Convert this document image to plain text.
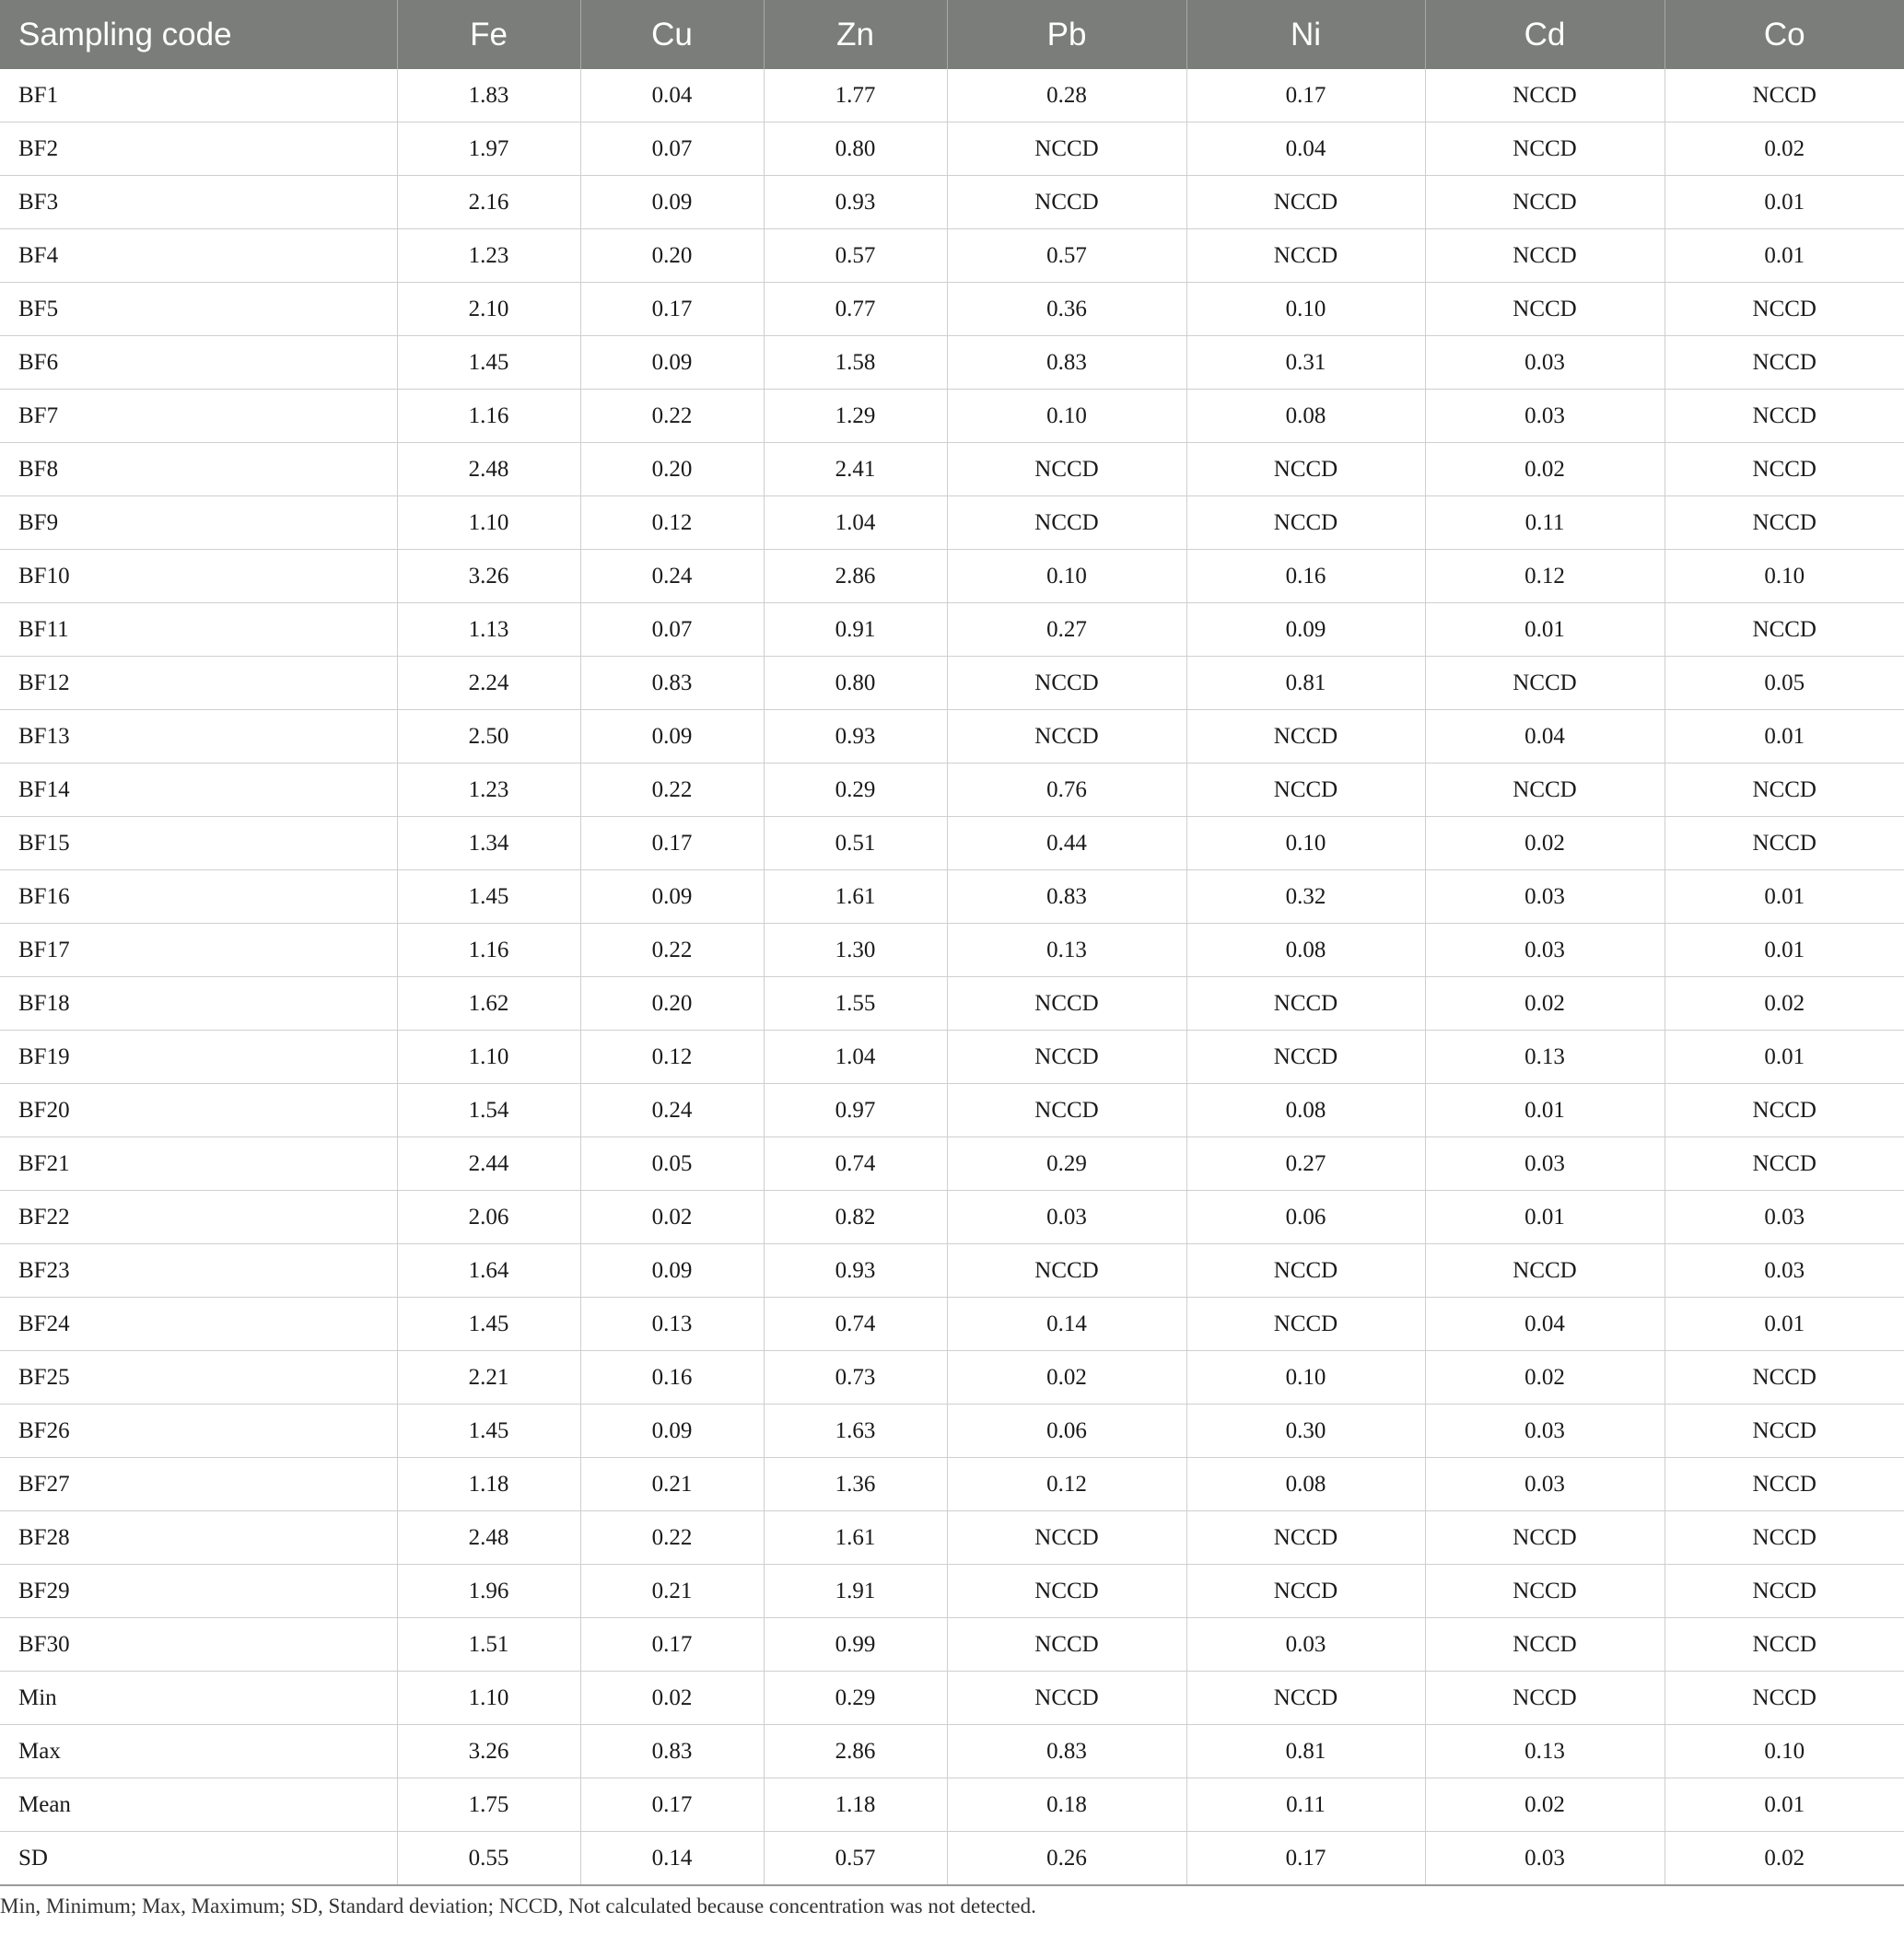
Sampling code	Fe	Cu	Zn	Pb	Ni	Cd	Co
BF1	1.83	0.04	1.77	0.28	0.17	NCCD	NCCD
BF2	1.97	0.07	0.80	NCCD	0.04	NCCD	0.02
BF3	2.16	0.09	0.93	NCCD	NCCD	NCCD	0.01
BF4	1.23	0.20	0.57	0.57	NCCD	NCCD	0.01
BF5	2.10	0.17	0.77	0.36	0.10	NCCD	NCCD
BF6	1.45	0.09	1.58	0.83	0.31	0.03	NCCD
BF7	1.16	0.22	1.29	0.10	0.08	0.03	NCCD
BF8	2.48	0.20	2.41	NCCD	NCCD	0.02	NCCD
BF9	1.10	0.12	1.04	NCCD	NCCD	0.11	NCCD
BF10	3.26	0.24	2.86	0.10	0.16	0.12	0.10
BF11	1.13	0.07	0.91	0.27	0.09	0.01	NCCD
BF12	2.24	0.83	0.80	NCCD	0.81	NCCD	0.05
BF13	2.50	0.09	0.93	NCCD	NCCD	0.04	0.01
BF14	1.23	0.22	0.29	0.76	NCCD	NCCD	NCCD
BF15	1.34	0.17	0.51	0.44	0.10	0.02	NCCD
BF16	1.45	0.09	1.61	0.83	0.32	0.03	0.01
BF17	1.16	0.22	1.30	0.13	0.08	0.03	0.01
BF18	1.62	0.20	1.55	NCCD	NCCD	0.02	0.02
BF19	1.10	0.12	1.04	NCCD	NCCD	0.13	0.01
BF20	1.54	0.24	0.97	NCCD	0.08	0.01	NCCD
BF21	2.44	0.05	0.74	0.29	0.27	0.03	NCCD
BF22	2.06	0.02	0.82	0.03	0.06	0.01	0.03
BF23	1.64	0.09	0.93	NCCD	NCCD	NCCD	0.03
BF24	1.45	0.13	0.74	0.14	NCCD	0.04	0.01
BF25	2.21	0.16	0.73	0.02	0.10	0.02	NCCD
BF26	1.45	0.09	1.63	0.06	0.30	0.03	NCCD
BF27	1.18	0.21	1.36	0.12	0.08	0.03	NCCD
BF28	2.48	0.22	1.61	NCCD	NCCD	NCCD	NCCD
BF29	1.96	0.21	1.91	NCCD	NCCD	NCCD	NCCD
BF30	1.51	0.17	0.99	NCCD	0.03	NCCD	NCCD
Min	1.10	0.02	0.29	NCCD	NCCD	NCCD	NCCD
Max	3.26	0.83	2.86	0.83	0.81	0.13	0.10
Mean	1.75	0.17	1.18	0.18	0.11	0.02	0.01
SD	0.55	0.14	0.57	0.26	0.17	0.03	0.02
Min, Minimum; Max, Maximum; SD, Standard deviation; NCCD, Not calculated because concentration was not detected.
